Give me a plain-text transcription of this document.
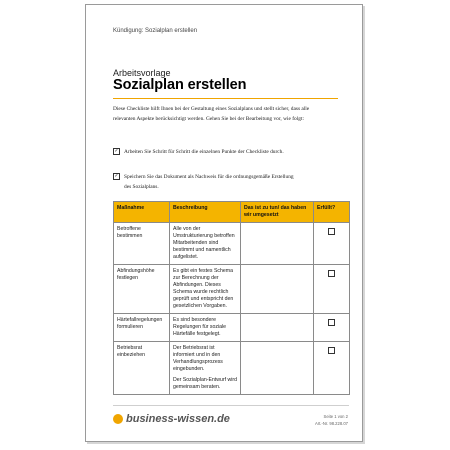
Kündigung: Sozialplan erstellen
Arbeitsvorlage
Sozialplan erstellen

Diese Checkliste hilft Ihnen bei der Gestaltung eines Sozialplans und stellt sicher, dass alle relevanten Aspekte berücksichtigt werden. Gehen Sie bei der Bearbeitung vor, wie folgt:

✓ Arbeiten Sie Schritt für Schritt die einzelnen Punkte der Checkliste durch.
✓ Speichern Sie das Dokument als Nachweis für die ordnungsgemäße Erstellung des Sozialplans.
Maßnahme	Beschreibung	Das ist zu tun/ das haben wir umgesetzt	Erfüllt?
Betroffene bestimmen	Alle von der Umstrukturierung betroffen Mitarbeitenden sind bestimmt und namentlich aufgelistet.		
Abfindungshöhe festlegen	Es gibt ein festes Schema zur Berechnung der Abfindungen. Dieses Schema wurde rechtlich geprüft und entspricht den gesetzlichen Vorgaben.		
Härtefallregelungen formulieren	Es sind besondere Regelungen für soziale Härtefälle festgelegt.		
Betriebsrat einbeziehen	Der Betriebsrat ist informiert und in den Verhandlungsprozess eingebunden.
Der Sozialplan-Entwurf wird gemeinsam beraten.		

business-wissen.de	Seite 1 von 2
Art.-Nr. 98.228.07
